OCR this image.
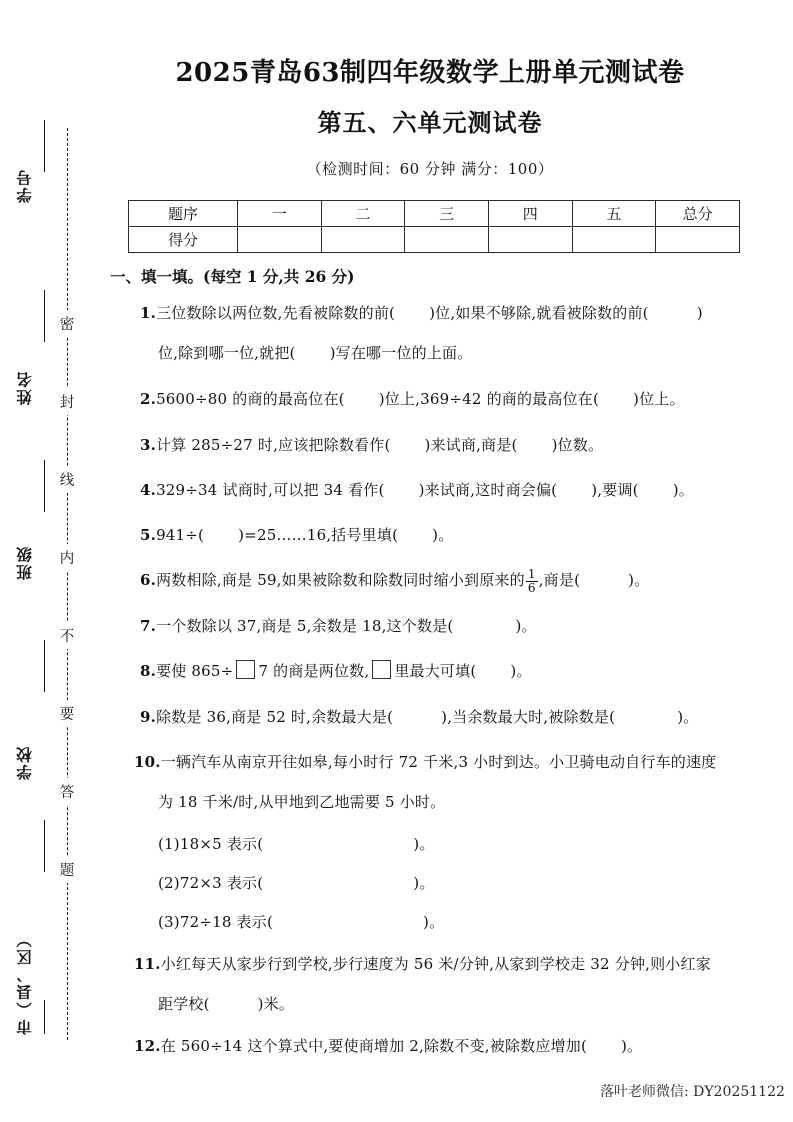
学号
姓名
班级
学校
市（县、区）
密
封
线
内
不
要
答
题
2025青岛63制四年级数学上册单元测试卷
第五、六单元测试卷
（检测时间：60 分钟 满分：100）
题序	一	二	三	四	五	总分
得分						
一、填一填。(每空 1 分,共 26 分)
1.三位数除以两位数,先看被除数的前( )位,如果不够除,就看被除数的前(	)
位,除到哪一位,就把( )写在哪一位的上面。
2.5600÷80 的商的最高位在( )位上,369÷42 的商的最高位在( )位上。
3.计算 285÷27 时,应该把除数看作( )来试商,商是( )位数。
4.329÷34 试商时,可以把 34 看作( )来试商,这时商会偏( ),要调( )。
5.941÷( )=25……16,括号里填( )。
6.两数相除,商是 59,如果被除数和除数同时缩小到原来的 $\frac{1}{6}$ ,商是(	)。
7.一个数除以 37,商是 5,余数是 18,这个数是(	)。
8.要使 865÷ 7 的商是两位数, 里最大可填( )。
9.除数是 36,商是 52 时,余数最大是(	),当余数最大时,被除数是(	)。
10.一辆汽车从南京开往如皋,每小时行 72 千米,3 小时到达。小卫骑电动自行车的速度
为 18 千米/时,从甲地到乙地需要 5 小时。
(1)18×5 表示(	)。
(2)72×3 表示(	)。
(3)72÷18 表示(	)。
11.小红每天从家步行到学校,步行速度为 56 米/分钟,从家到学校走 32 分钟,则小红家
距学校(	)米。
12.在 560÷14 这个算式中,要使商增加 2,除数不变,被除数应增加( )。
落叶老师微信: DY20251122
